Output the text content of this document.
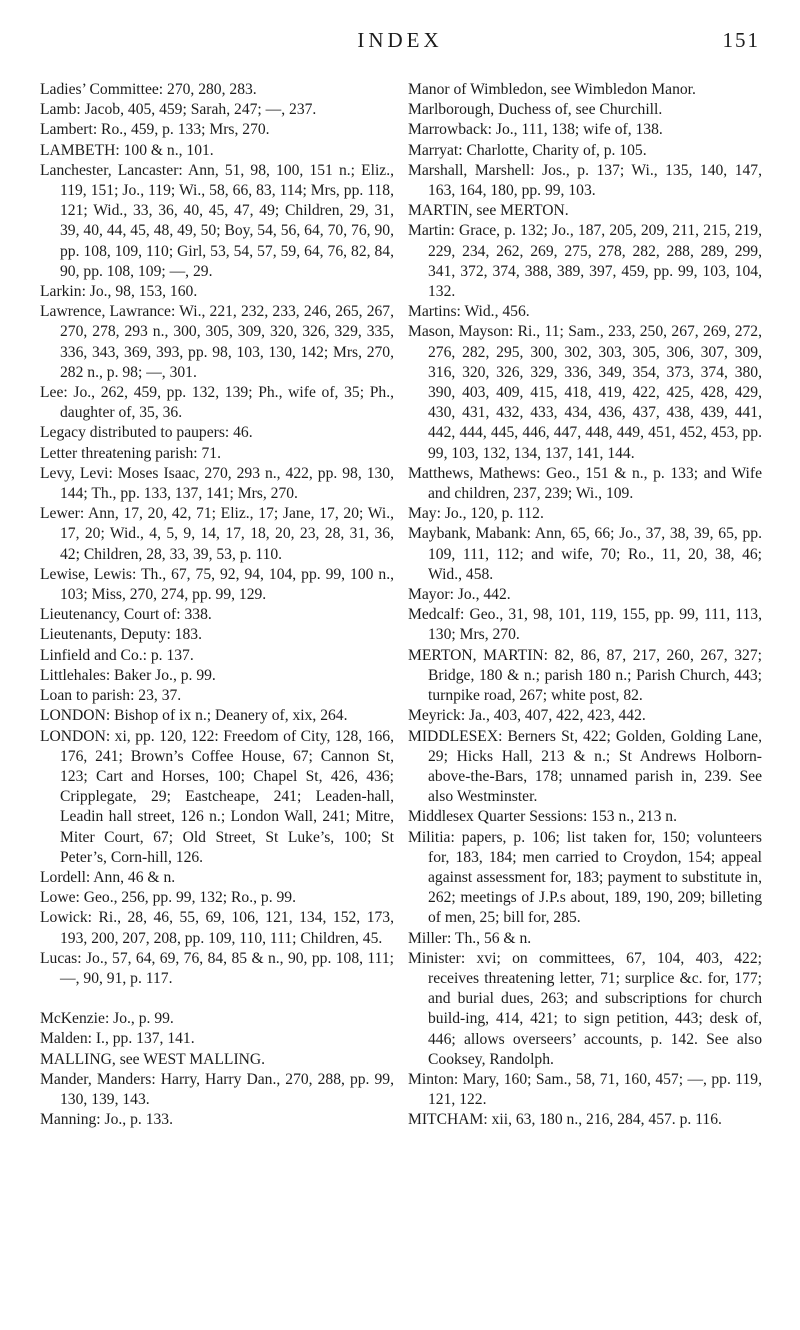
INDEX	151

Ladies’ Committee: 270, 280, 283.

Lamb: Jacob, 405, 459; Sarah, 247; —, 237.

Lambert: Ro., 459, p. 133; Mrs, 270.

LAMBETH: 100 & n., 101.

Lanchester, Lancaster: Ann, 51, 98, 100, 151 n.; Eliz., 119, 151; Jo., 119; Wi., 58, 66, 83, 114; Mrs, pp. 118, 121; Wid., 33, 36, 40, 45, 47, 49; Children, 29, 31, 39, 40, 44, 45, 48, 49, 50; Boy, 54, 56, 64, 70, 76, 90, pp. 108, 109, 110; Girl, 53, 54, 57, 59, 64, 76, 82, 84, 90, pp. 108, 109; —, 29.

Larkin: Jo., 98, 153, 160.

Lawrence, Lawrance: Wi., 221, 232, 233, 246, 265, 267, 270, 278, 293 n., 300, 305, 309, 320, 326, 329, 335, 336, 343, 369, 393, pp. 98, 103, 130, 142; Mrs, 270, 282 n., p. 98; —, 301.

Lee: Jo., 262, 459, pp. 132, 139; Ph., wife of, 35; Ph., daughter of, 35, 36.

Legacy distributed to paupers: 46.

Letter threatening parish: 71.

Levy, Levi: Moses Isaac, 270, 293 n., 422, pp. 98, 130, 144; Th., pp. 133, 137, 141; Mrs, 270.

Lewer: Ann, 17, 20, 42, 71; Eliz., 17; Jane, 17, 20; Wi., 17, 20; Wid., 4, 5, 9, 14, 17, 18, 20, 23, 28, 31, 36, 42; Children, 28, 33, 39, 53, p. 110.

Lewise, Lewis: Th., 67, 75, 92, 94, 104, pp. 99, 100 n., 103; Miss, 270, 274, pp. 99, 129.

Lieutenancy, Court of: 338.

Lieutenants, Deputy: 183.

Linfield and Co.: p. 137.

Littlehales: Baker Jo., p. 99.

Loan to parish: 23, 37.

LONDON: Bishop of ix n.; Deanery of, xix, 264.

LONDON: xi, pp. 120, 122: Freedom of City, 128, 166, 176, 241; Brown’s Coffee House, 67; Cannon St, 123; Cart and Horses, 100; Chapel St, 426, 436; Cripplegate, 29; Eastcheape, 241; Leaden-hall, Leadin hall street, 126 n.; London Wall, 241; Mitre, Miter Court, 67; Old Street, St Luke’s, 100; St Peter’s, Corn-hill, 126.

Lordell: Ann, 46 & n.

Lowe: Geo., 256, pp. 99, 132; Ro., p. 99.

Lowick: Ri., 28, 46, 55, 69, 106, 121, 134, 152, 173, 193, 200, 207, 208, pp. 109, 110, 111; Children, 45.

Lucas: Jo., 57, 64, 69, 76, 84, 85 & n., 90, pp. 108, 111; —, 90, 91, p. 117.

McKenzie: Jo., p. 99.

Malden: I., pp. 137, 141.

MALLING, see WEST MALLING.

Mander, Manders: Harry, Harry Dan., 270, 288, pp. 99, 130, 139, 143.

Manning: Jo., p. 133.

Manor of Wimbledon, see Wimbledon Manor.

Marlborough, Duchess of, see Churchill.

Marrowback: Jo., 111, 138; wife of, 138.

Marryat: Charlotte, Charity of, p. 105.

Marshall, Marshell: Jos., p. 137; Wi., 135, 140, 147, 163, 164, 180, pp. 99, 103.

MARTIN, see MERTON.

Martin: Grace, p. 132; Jo., 187, 205, 209, 211, 215, 219, 229, 234, 262, 269, 275, 278, 282, 288, 289, 299, 341, 372, 374, 388, 389, 397, 459, pp. 99, 103, 104, 132.

Martins: Wid., 456.

Mason, Mayson: Ri., 11; Sam., 233, 250, 267, 269, 272, 276, 282, 295, 300, 302, 303, 305, 306, 307, 309, 316, 320, 326, 329, 336, 349, 354, 373, 374, 380, 390, 403, 409, 415, 418, 419, 422, 425, 428, 429, 430, 431, 432, 433, 434, 436, 437, 438, 439, 441, 442, 444, 445, 446, 447, 448, 449, 451, 452, 453, pp. 99, 103, 132, 134, 137, 141, 144.

Matthews, Mathews: Geo., 151 & n., p. 133; and Wife and children, 237, 239; Wi., 109.

May: Jo., 120, p. 112.

Maybank, Mabank: Ann, 65, 66; Jo., 37, 38, 39, 65, pp. 109, 111, 112; and wife, 70; Ro., 11, 20, 38, 46; Wid., 458.

Mayor: Jo., 442.

Medcalf: Geo., 31, 98, 101, 119, 155, pp. 99, 111, 113, 130; Mrs, 270.

MERTON, MARTIN: 82, 86, 87, 217, 260, 267, 327; Bridge, 180 & n.; parish 180 n.; Parish Church, 443; turnpike road, 267; white post, 82.

Meyrick: Ja., 403, 407, 422, 423, 442.

MIDDLESEX: Berners St, 422; Golden, Golding Lane, 29; Hicks Hall, 213 & n.; St Andrews Holborn-above-the-Bars, 178; unnamed parish in, 239. See also Westminster.

Middlesex Quarter Sessions: 153 n., 213 n.

Militia: papers, p. 106; list taken for, 150; volunteers for, 183, 184; men carried to Croydon, 154; appeal against assessment for, 183; payment to substitute in, 262; meetings of J.P.s about, 189, 190, 209; billeting of men, 25; bill for, 285.

Miller: Th., 56 & n.

Minister: xvi; on committees, 67, 104, 403, 422; receives threatening letter, 71; surplice &c. for, 177; and burial dues, 263; and subscriptions for church build-ing, 414, 421; to sign petition, 443; desk of, 446; allows overseers’ accounts, p. 142. See also Cooksey, Randolph.

Minton: Mary, 160; Sam., 58, 71, 160, 457; —, pp. 119, 121, 122.

MITCHAM: xii, 63, 180 n., 216, 284, 457. p. 116.
